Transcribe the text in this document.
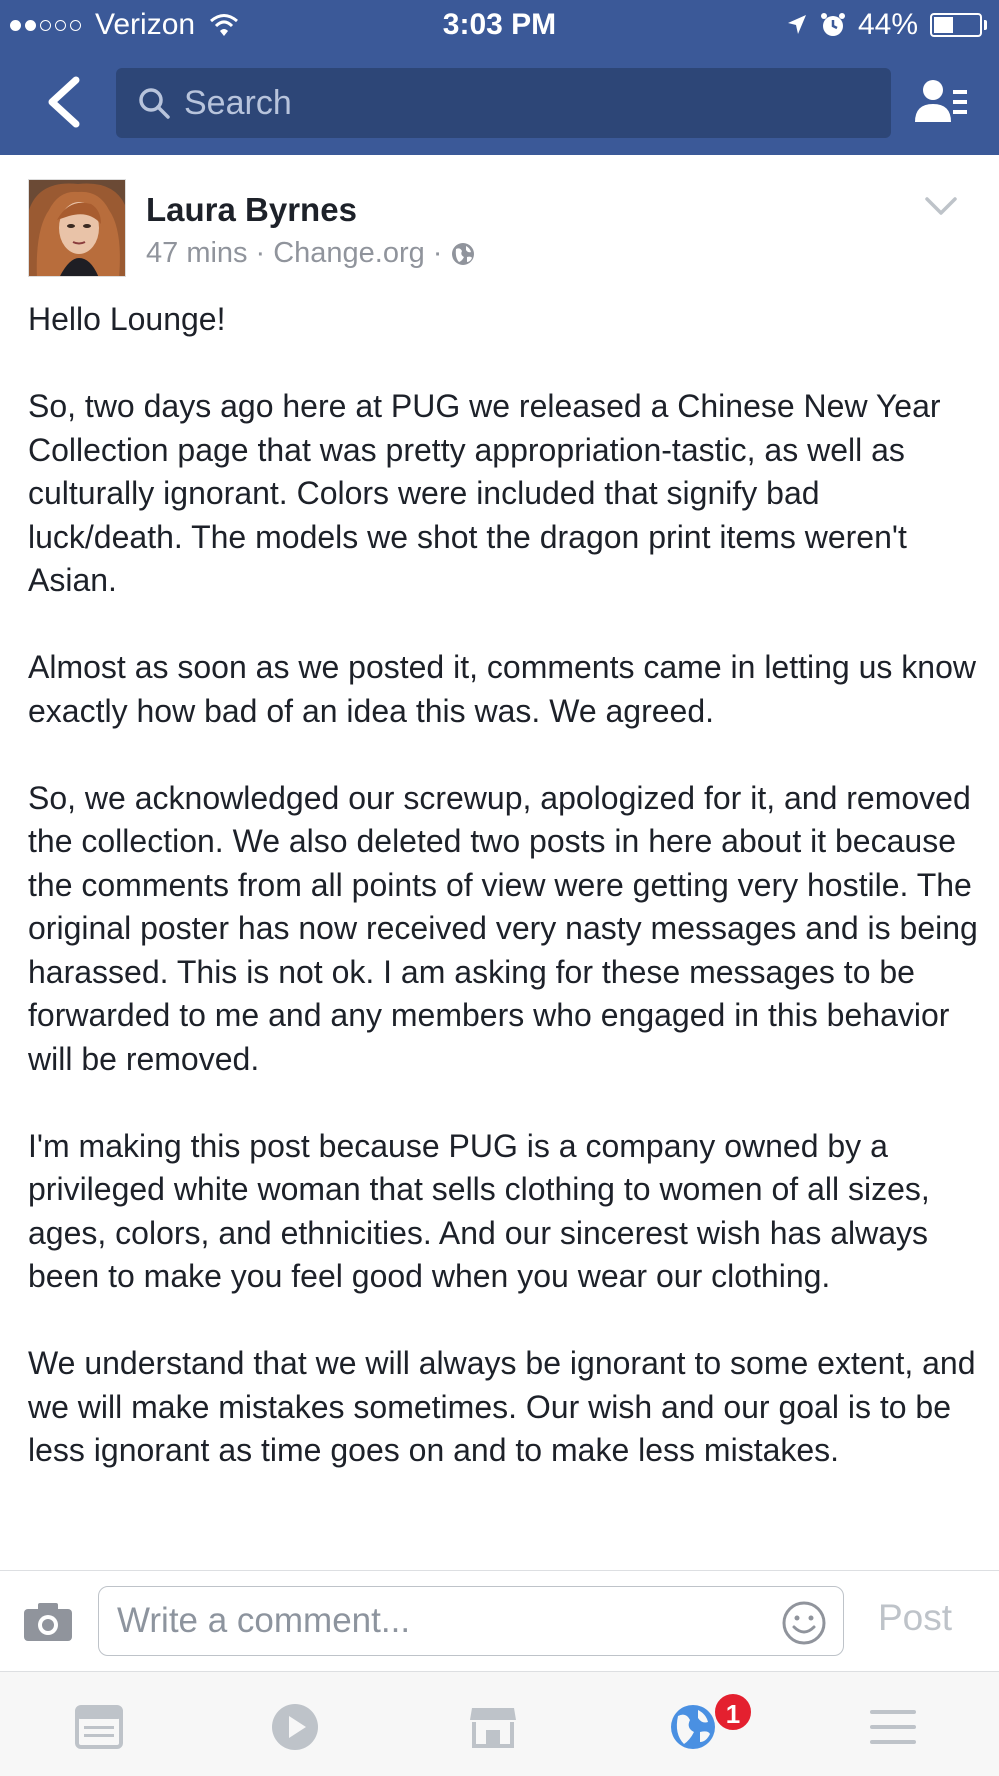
Verizon	3:03 PM	44%
Search
Laura Byrnes
47 mins · Change.org ·

Hello Lounge!

So, two days ago here at PUG we released a Chinese New Year Collection page that was pretty appropriation-tastic, as well as culturally ignorant. Colors were included that signify bad luck/death. The models we shot the dragon print items weren't Asian.

Almost as soon as we posted it, comments came in letting us know exactly how bad of an idea this was. We agreed.

So, we acknowledged our screwup, apologized for it, and removed the collection. We also deleted two posts in here about it because the comments from all points of view were getting very hostile. The original poster has now received very nasty messages and is being harassed. This is not ok. I am asking for these messages to be forwarded to me and any members who engaged in this behavior will be removed.

I'm making this post because PUG is a company owned by a privileged white woman that sells clothing to women of all sizes, ages, colors, and ethnicities. And our sincerest wish has always been to make you feel good when you wear our clothing.

We understand that we will always be ignorant to some extent, and we will make mistakes sometimes. Our wish and our goal is to be less ignorant as time goes on and to make less mistakes.

Write a comment...
Post
1
